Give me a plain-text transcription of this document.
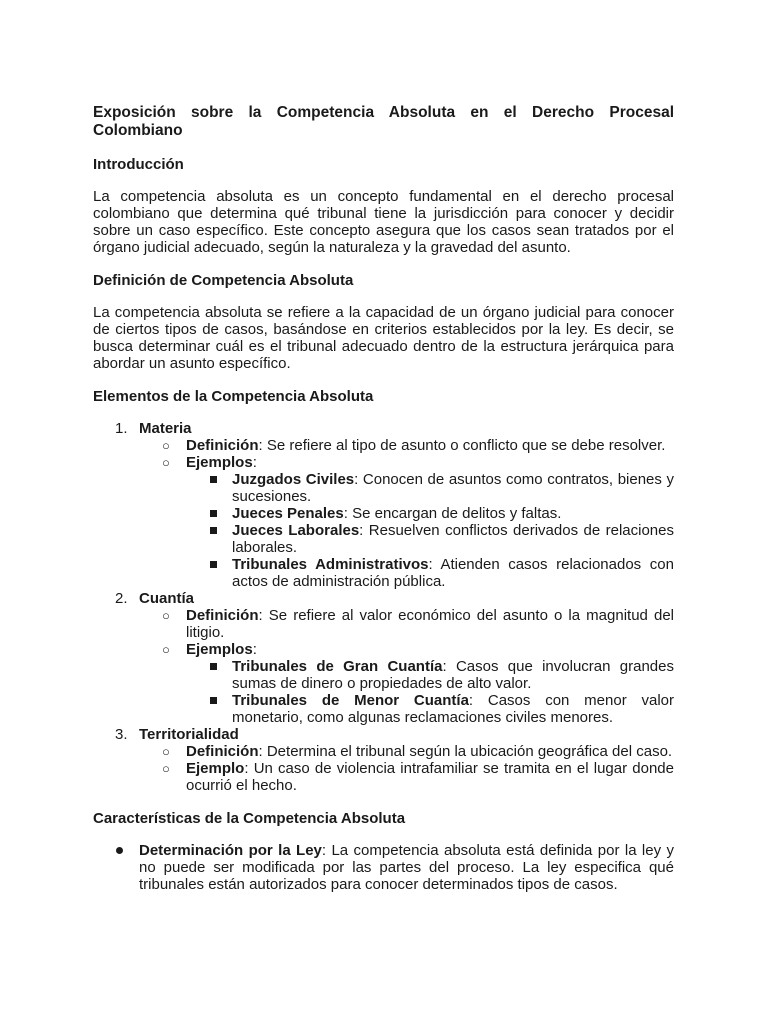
Exposición sobre la Competencia Absoluta en el Derecho Procesal Colombiano
Introducción

La competencia absoluta es un concepto fundamental en el derecho procesal colombiano que determina qué tribunal tiene la jurisdicción para conocer y decidir sobre un caso específico. Este concepto asegura que los casos sean tratados por el órgano judicial adecuado, según la naturaleza y la gravedad del asunto.

Definición de Competencia Absoluta

La competencia absoluta se refiere a la capacidad de un órgano judicial para conocer de ciertos tipos de casos, basándose en criterios establecidos por la ley. Es decir, se busca determinar cuál es el tribunal adecuado dentro de la estructura jerárquica para abordar un asunto específico.

Elementos de la Competencia Absoluta
1. Materia
○ Definición: Se refiere al tipo de asunto o conflicto que se debe resolver.
○ Ejemplos:
Juzgados Civiles: Conocen de asuntos como contratos, bienes y sucesiones.
Jueces Penales: Se encargan de delitos y faltas.
Jueces Laborales: Resuelven conflictos derivados de relaciones laborales.
Tribunales Administrativos: Atienden casos relacionados con actos de administración pública.
2. Cuantía
○ Definición: Se refiere al valor económico del asunto o la magnitud del litigio.
○ Ejemplos:
Tribunales de Gran Cuantía: Casos que involucran grandes sumas de dinero o propiedades de alto valor.
Tribunales de Menor Cuantía: Casos con menor valor monetario, como algunas reclamaciones civiles menores.
3. Territorialidad
○ Definición: Determina el tribunal según la ubicación geográfica del caso.
○ Ejemplo: Un caso de violencia intrafamiliar se tramita en el lugar donde ocurrió el hecho.
Características de la Competencia Absoluta
Determinación por la Ley: La competencia absoluta está definida por la ley y no puede ser modificada por las partes del proceso. La ley especifica qué tribunales están autorizados para conocer determinados tipos de casos.
